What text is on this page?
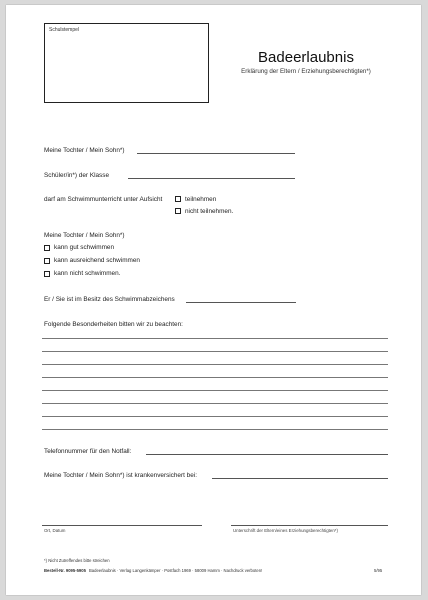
Schulstempel
Badeerlaubnis
Erklärung der Eltern / Erziehungsberechtigten*)
Meine Tochter / Mein Sohn*)
Schüler/in*) der Klasse
darf am Schwimmunterricht unter Aufsicht	teilnehmen
nicht teilnehmen.
Meine Tochter / Mein Sohn*)
kann gut schwimmen
kann ausreichend schwimmen
kann nicht schwimmen.
Er / Sie ist im Besitz des Schwimmabzeichens
Folgende Besonderheiten bitten wir zu beachten:
Telefonnummer für den Notfall:
Meine Tochter / Mein Sohn*) ist krankenversichert bei:
Ort, Datum	Unterschrift der Eltern/eines Erziehungsberechtigten*)
*) Nicht Zutreffendes bitte streichen
Bestell-Nr. 9095-5905 Badeerlaubnis · Verlag Langenkämper · Postfach 1969 · 58009 Hamm · Nachdruck verboten!	5/95
